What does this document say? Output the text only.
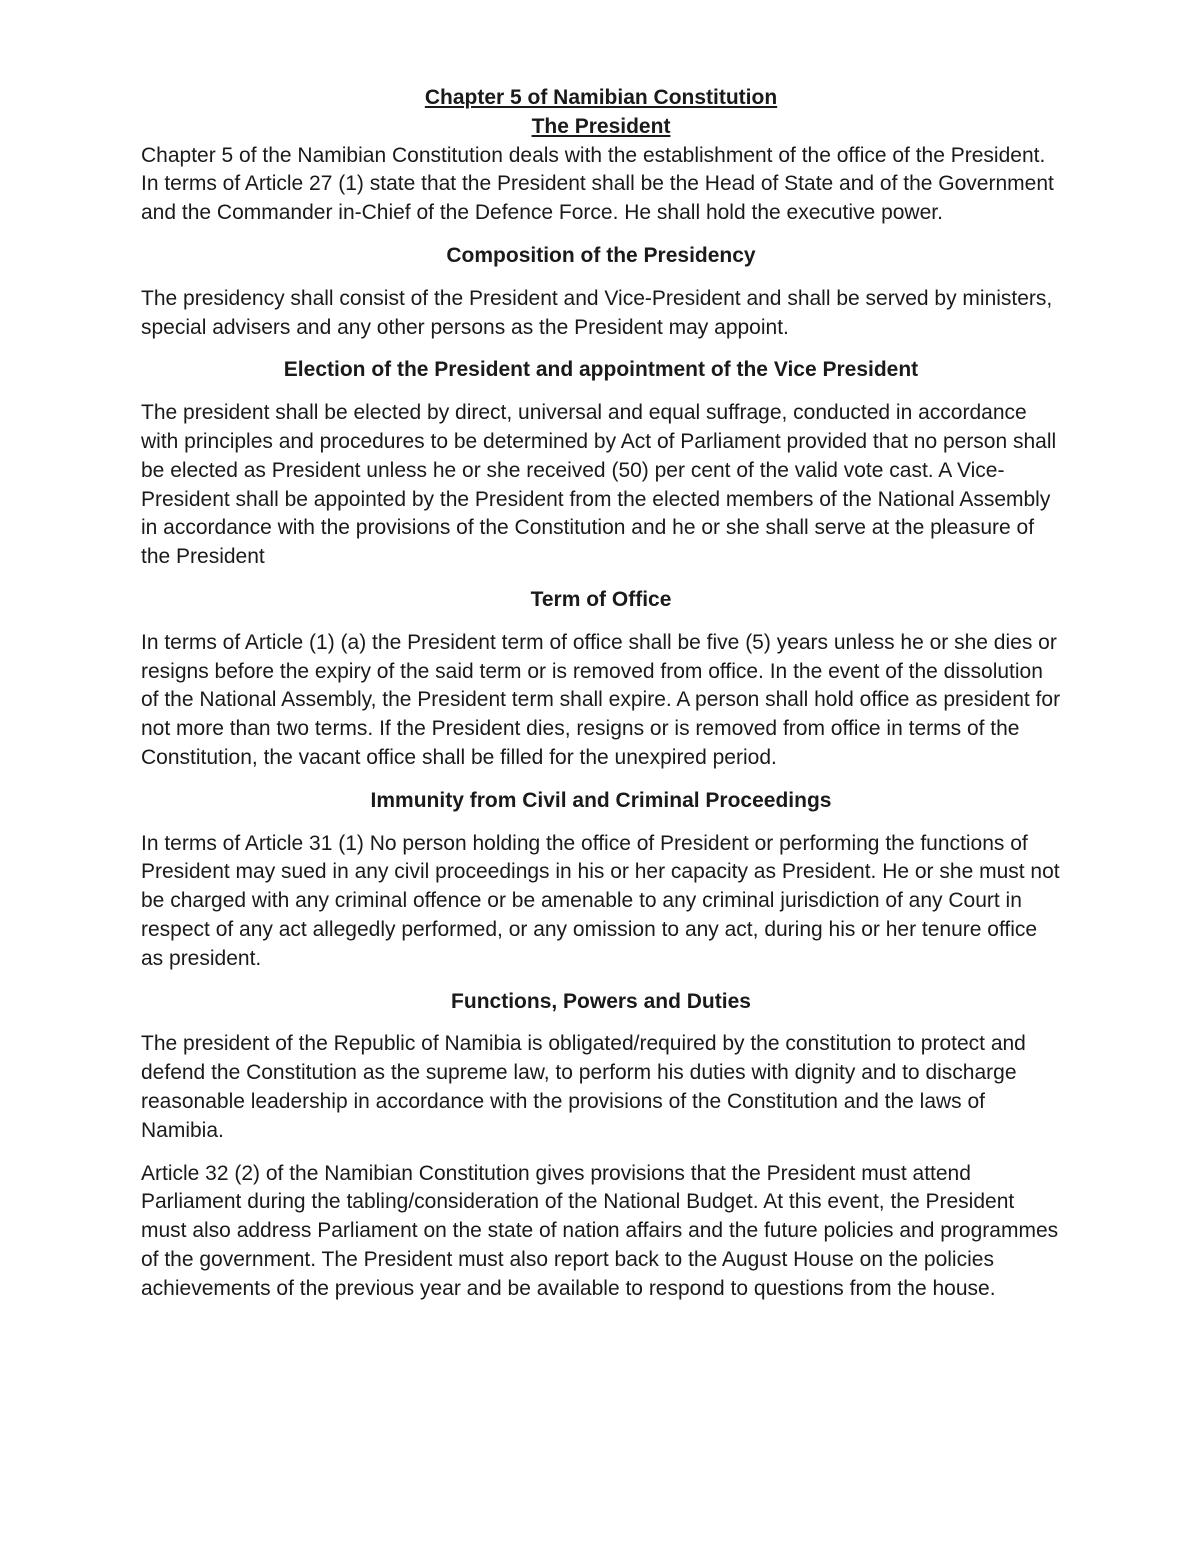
Chapter 5 of Namibian Constitution
The President

Chapter 5 of the Namibian Constitution deals with the establishment of the office of the President. In terms of Article 27 (1) state that the President shall be the Head of State and of the Government and the Commander in-Chief of the Defence Force. He shall hold the executive power.

Composition of the Presidency

The presidency shall consist of the President and Vice-President and shall be served by ministers, special advisers and any other persons as the President may appoint.

Election of the President and appointment of the Vice President

The president shall be elected by direct, universal and equal suffrage, conducted in accordance with principles and procedures to be determined by Act of Parliament provided that no person shall be elected as President unless he or she received (50) per cent of the valid vote cast. A Vice-President shall be appointed by the President from the elected members of the National Assembly in accordance with the provisions of the Constitution and he or she shall serve at the pleasure of the President

Term of Office

In terms of Article (1) (a) the President term of office shall be five (5) years unless he or she dies or resigns before the expiry of the said term or is removed from office. In the event of the dissolution of the National Assembly, the President term shall expire. A person shall hold office as president for not more than two terms. If the President dies, resigns or is removed from office in terms of the Constitution, the vacant office shall be filled for the unexpired period.

Immunity from Civil and Criminal Proceedings

In terms of Article 31 (1) No person holding the office of President or performing the functions of President may sued in any civil proceedings in his or her capacity as President. He or she must not be charged with any criminal offence or be amenable to any criminal jurisdiction of any Court in respect of any act allegedly performed, or any omission to any act, during his or her tenure office as president.

Functions, Powers and Duties

The president of the Republic of Namibia is obligated/required by the constitution to protect and defend the Constitution as the supreme law, to perform his duties with dignity and to discharge reasonable leadership in accordance with the provisions of the Constitution and the laws of Namibia.

Article 32 (2) of the Namibian Constitution gives provisions that the President must attend Parliament during the tabling/consideration of the National Budget. At this event, the President must also address Parliament on the state of nation affairs and the future policies and programmes of the government. The President must also report back to the August House on the policies achievements of the previous year and be available to respond to questions from the house.
